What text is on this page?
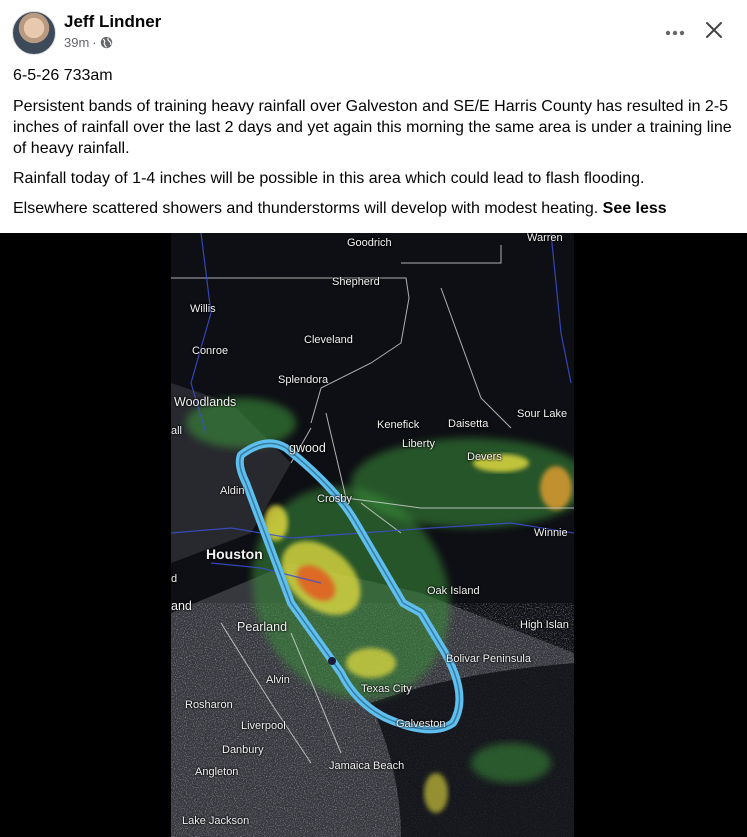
Jeff Lindner
39m ·

6-5-26 733am

Persistent bands of training heavy rainfall over Galveston and SE/E Harris County has resulted in 2-5 inches of rainfall over the last 2 days and yet again this morning the same area is under a training line of heavy rainfall.

Rainfall today of 1-4 inches will be possible in this area which could lead to flash flooding.

Elsewhere scattered showers and thunderstorms will develop with modest heating. See less

Goodrich	Warren
Shepherd
Willis
Cleveland
Conroe
Splendora
Woodlands
Sour Lake
all	Kenefick	Daisetta
Liberty
gwood
Devers
Aldin
Crosby
Winnie
Houston
d
Oak Island
and
Pearland	High Islan
Bolivar Peninsula
Alvin
Texas City
Rosharon
Galveston
Liverpool
Danbury
Angleton	Jamaica Beach
Lake Jackson
